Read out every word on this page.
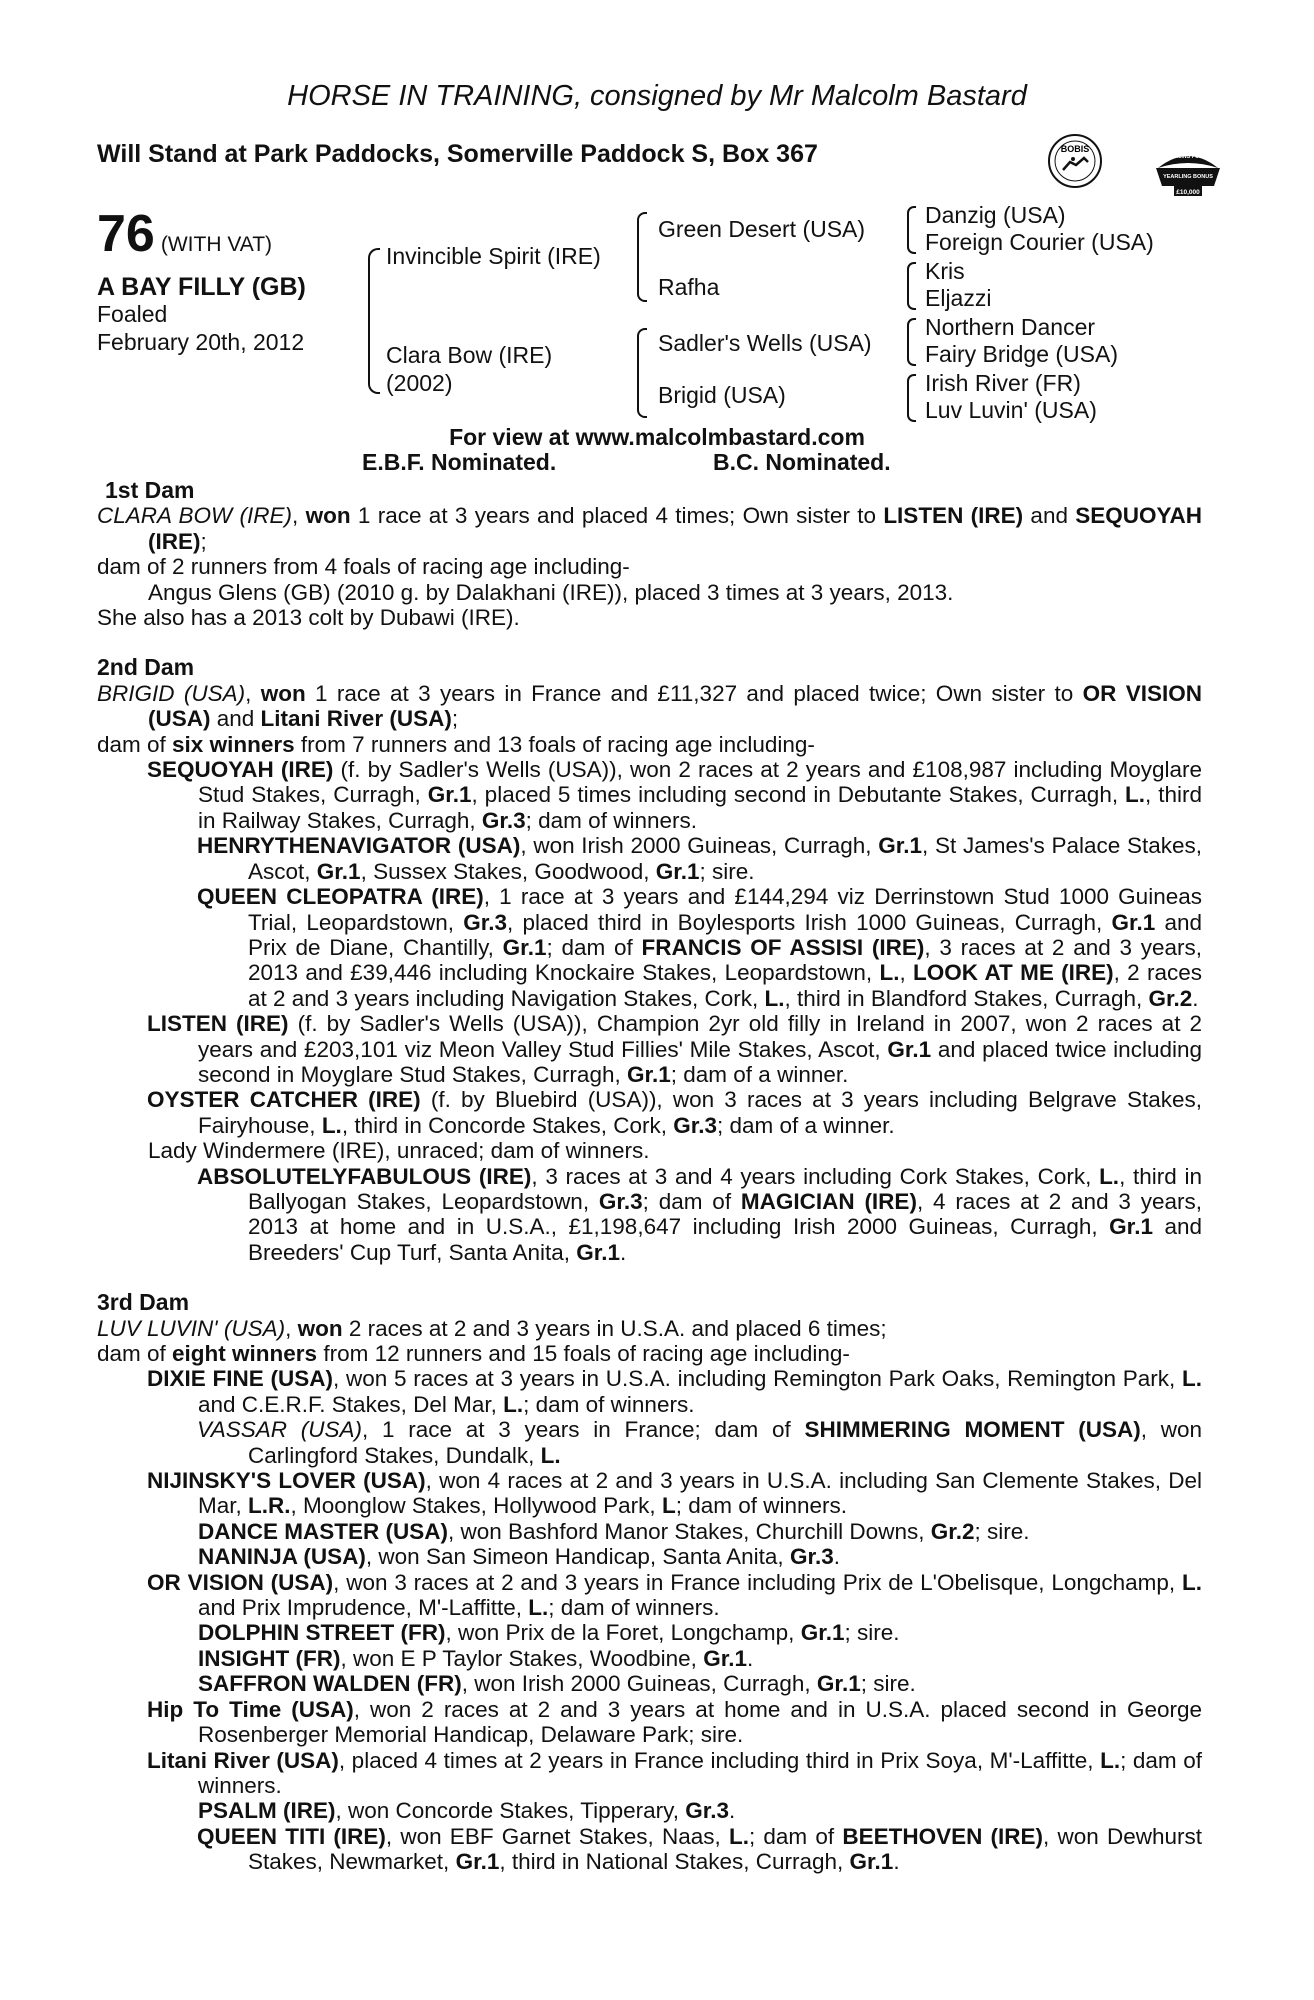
HORSE IN TRAINING, consigned by Mr Malcolm Bastard
Will Stand at Park Paddocks, Somerville Paddock S, Box 367	BOBIS
RACING POST
YEARLING BONUS
£10,000
76 (WITH VAT)
A BAY FILLY (GB)
Foaled
February 20th, 2012
Invincible Spirit (IRE)
Clara Bow (IRE)
(2002)
Green Desert (USA)
Rafha
Sadler's Wells (USA)
Brigid (USA)
Danzig (USA)
Foreign Courier (USA)
Kris
Eljazzi
Northern Dancer
Fairy Bridge (USA)
Irish River (FR)
Luv Luvin' (USA)
For view at www.malcolmbastard.com
E.B.F. Nominated.	B.C. Nominated.

1st Dam

CLARA BOW (IRE), won 1 race at 3 years and placed 4 times; Own sister to LISTEN (IRE) and SEQUOYAH (IRE);

dam of 2 runners from 4 foals of racing age including-

Angus Glens (GB) (2010 g. by Dalakhani (IRE)), placed 3 times at 3 years, 2013.

She also has a 2013 colt by Dubawi (IRE).

2nd Dam

BRIGID (USA), won 1 race at 3 years in France and £11,327 and placed twice; Own sister to OR VISION (USA) and Litani River (USA);

dam of six winners from 7 runners and 13 foals of racing age including-

SEQUOYAH (IRE) (f. by Sadler's Wells (USA)), won 2 races at 2 years and £108,987 including Moyglare Stud Stakes, Curragh, Gr.1, placed 5 times including second in Debutante Stakes, Curragh, L., third in Railway Stakes, Curragh, Gr.3; dam of winners.

HENRYTHENAVIGATOR (USA), won Irish 2000 Guineas, Curragh, Gr.1, St James's Palace Stakes, Ascot, Gr.1, Sussex Stakes, Goodwood, Gr.1; sire.

QUEEN CLEOPATRA (IRE), 1 race at 3 years and £144,294 viz Derrinstown Stud 1000 Guineas Trial, Leopardstown, Gr.3, placed third in Boylesports Irish 1000 Guineas, Curragh, Gr.1 and Prix de Diane, Chantilly, Gr.1; dam of FRANCIS OF ASSISI (IRE), 3 races at 2 and 3 years, 2013 and £39,446 including Knockaire Stakes, Leopardstown, L., LOOK AT ME (IRE), 2 races at 2 and 3 years including Navigation Stakes, Cork, L., third in Blandford Stakes, Curragh, Gr.2.

LISTEN (IRE) (f. by Sadler's Wells (USA)), Champion 2yr old filly in Ireland in 2007, won 2 races at 2 years and £203,101 viz Meon Valley Stud Fillies' Mile Stakes, Ascot, Gr.1 and placed twice including second in Moyglare Stud Stakes, Curragh, Gr.1; dam of a winner.

OYSTER CATCHER (IRE) (f. by Bluebird (USA)), won 3 races at 3 years including Belgrave Stakes, Fairyhouse, L., third in Concorde Stakes, Cork, Gr.3; dam of a winner.

Lady Windermere (IRE), unraced; dam of winners.

ABSOLUTELYFABULOUS (IRE), 3 races at 3 and 4 years including Cork Stakes, Cork, L., third in Ballyogan Stakes, Leopardstown, Gr.3; dam of MAGICIAN (IRE), 4 races at 2 and 3 years, 2013 at home and in U.S.A., £1,198,647 including Irish 2000 Guineas, Curragh, Gr.1 and Breeders' Cup Turf, Santa Anita, Gr.1.

3rd Dam

LUV LUVIN' (USA), won 2 races at 2 and 3 years in U.S.A. and placed 6 times;

dam of eight winners from 12 runners and 15 foals of racing age including-

DIXIE FINE (USA), won 5 races at 3 years in U.S.A. including Remington Park Oaks, Remington Park, L. and C.E.R.F. Stakes, Del Mar, L.; dam of winners.

VASSAR (USA), 1 race at 3 years in France; dam of SHIMMERING MOMENT (USA), won Carlingford Stakes, Dundalk, L.

NIJINSKY'S LOVER (USA), won 4 races at 2 and 3 years in U.S.A. including San Clemente Stakes, Del Mar, L.R., Moonglow Stakes, Hollywood Park, L; dam of winners.

DANCE MASTER (USA), won Bashford Manor Stakes, Churchill Downs, Gr.2; sire.

NANINJA (USA), won San Simeon Handicap, Santa Anita, Gr.3.

OR VISION (USA), won 3 races at 2 and 3 years in France including Prix de L'Obelisque, Longchamp, L. and Prix Imprudence, M'-Laffitte, L.; dam of winners.

DOLPHIN STREET (FR), won Prix de la Foret, Longchamp, Gr.1; sire.

INSIGHT (FR), won E P Taylor Stakes, Woodbine, Gr.1.

SAFFRON WALDEN (FR), won Irish 2000 Guineas, Curragh, Gr.1; sire.

Hip To Time (USA), won 2 races at 2 and 3 years at home and in U.S.A. placed second in George Rosenberger Memorial Handicap, Delaware Park; sire.

Litani River (USA), placed 4 times at 2 years in France including third in Prix Soya, M'-Laffitte, L.; dam of winners.

PSALM (IRE), won Concorde Stakes, Tipperary, Gr.3.

QUEEN TITI (IRE), won EBF Garnet Stakes, Naas, L.; dam of BEETHOVEN (IRE), won Dewhurst Stakes, Newmarket, Gr.1, third in National Stakes, Curragh, Gr.1.
